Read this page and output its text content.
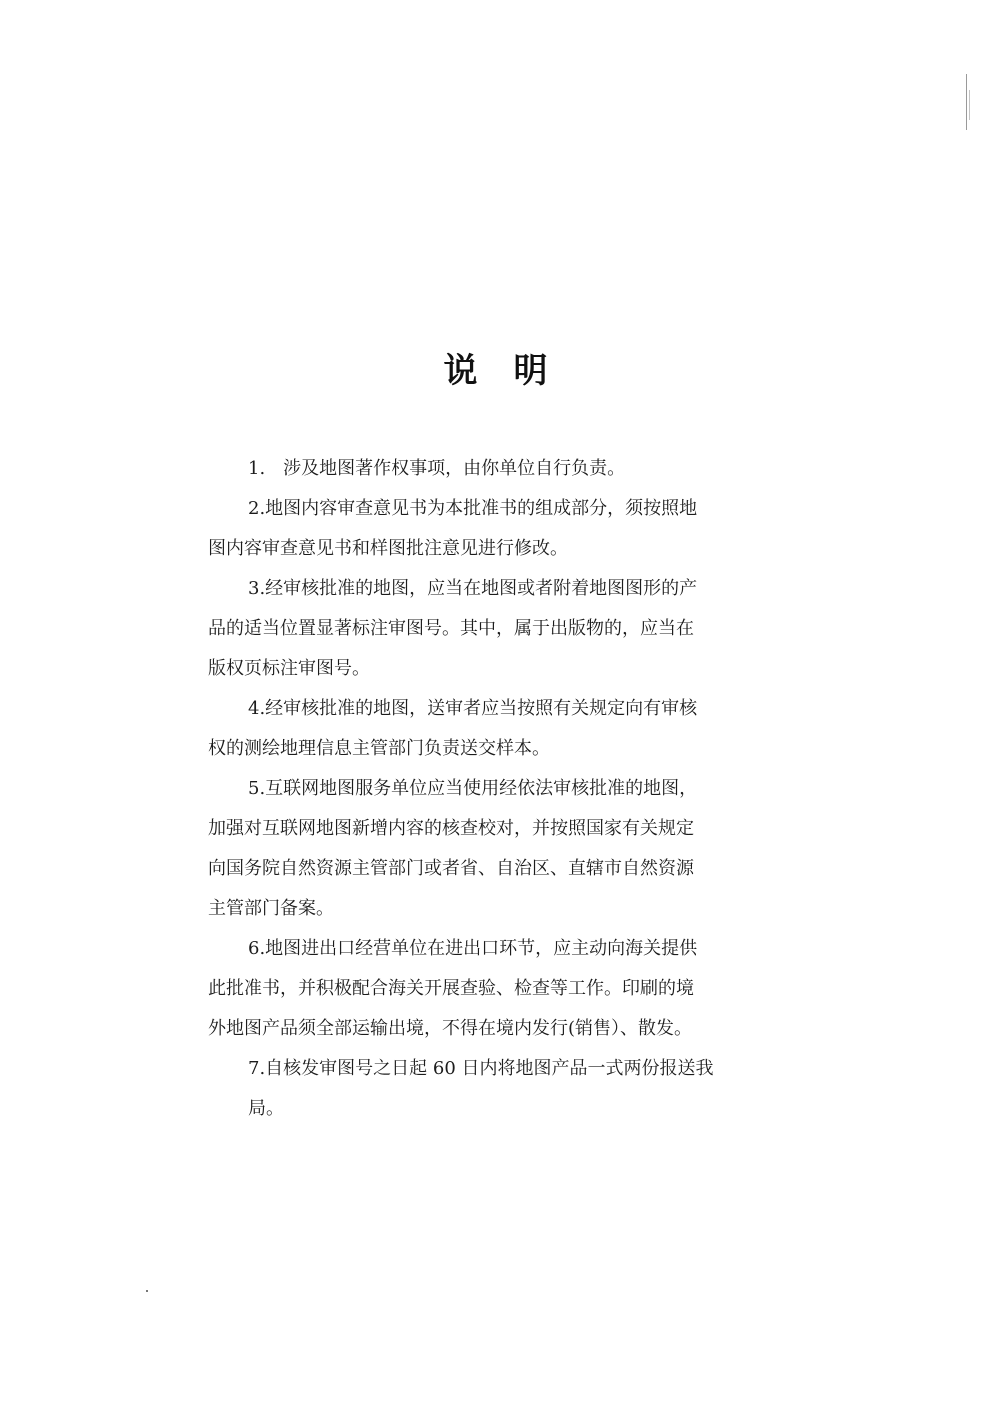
说　明
1.　涉及地图著作权事项，由你单位自行负责。
2.地图内容审查意见书为本批准书的组成部分，须按照地
图内容审查意见书和样图批注意见进行修改。
3.经审核批准的地图，应当在地图或者附着地图图形的产
品的适当位置显著标注审图号。其中，属于出版物的，应当在
版权页标注审图号。
4.经审核批准的地图，送审者应当按照有关规定向有审核
权的测绘地理信息主管部门负责送交样本。
5.互联网地图服务单位应当使用经依法审核批准的地图，
加强对互联网地图新增内容的核查校对，并按照国家有关规定
向国务院自然资源主管部门或者省、自治区、直辖市自然资源
主管部门备案。
6.地图进出口经营单位在进出口环节，应主动向海关提供
此批准书，并积极配合海关开展查验、检查等工作。印刷的境
外地图产品须全部运输出境，不得在境内发行(销售）、散发。
7.自核发审图号之日起 60 日内将地图产品一式两份报送我
局。
